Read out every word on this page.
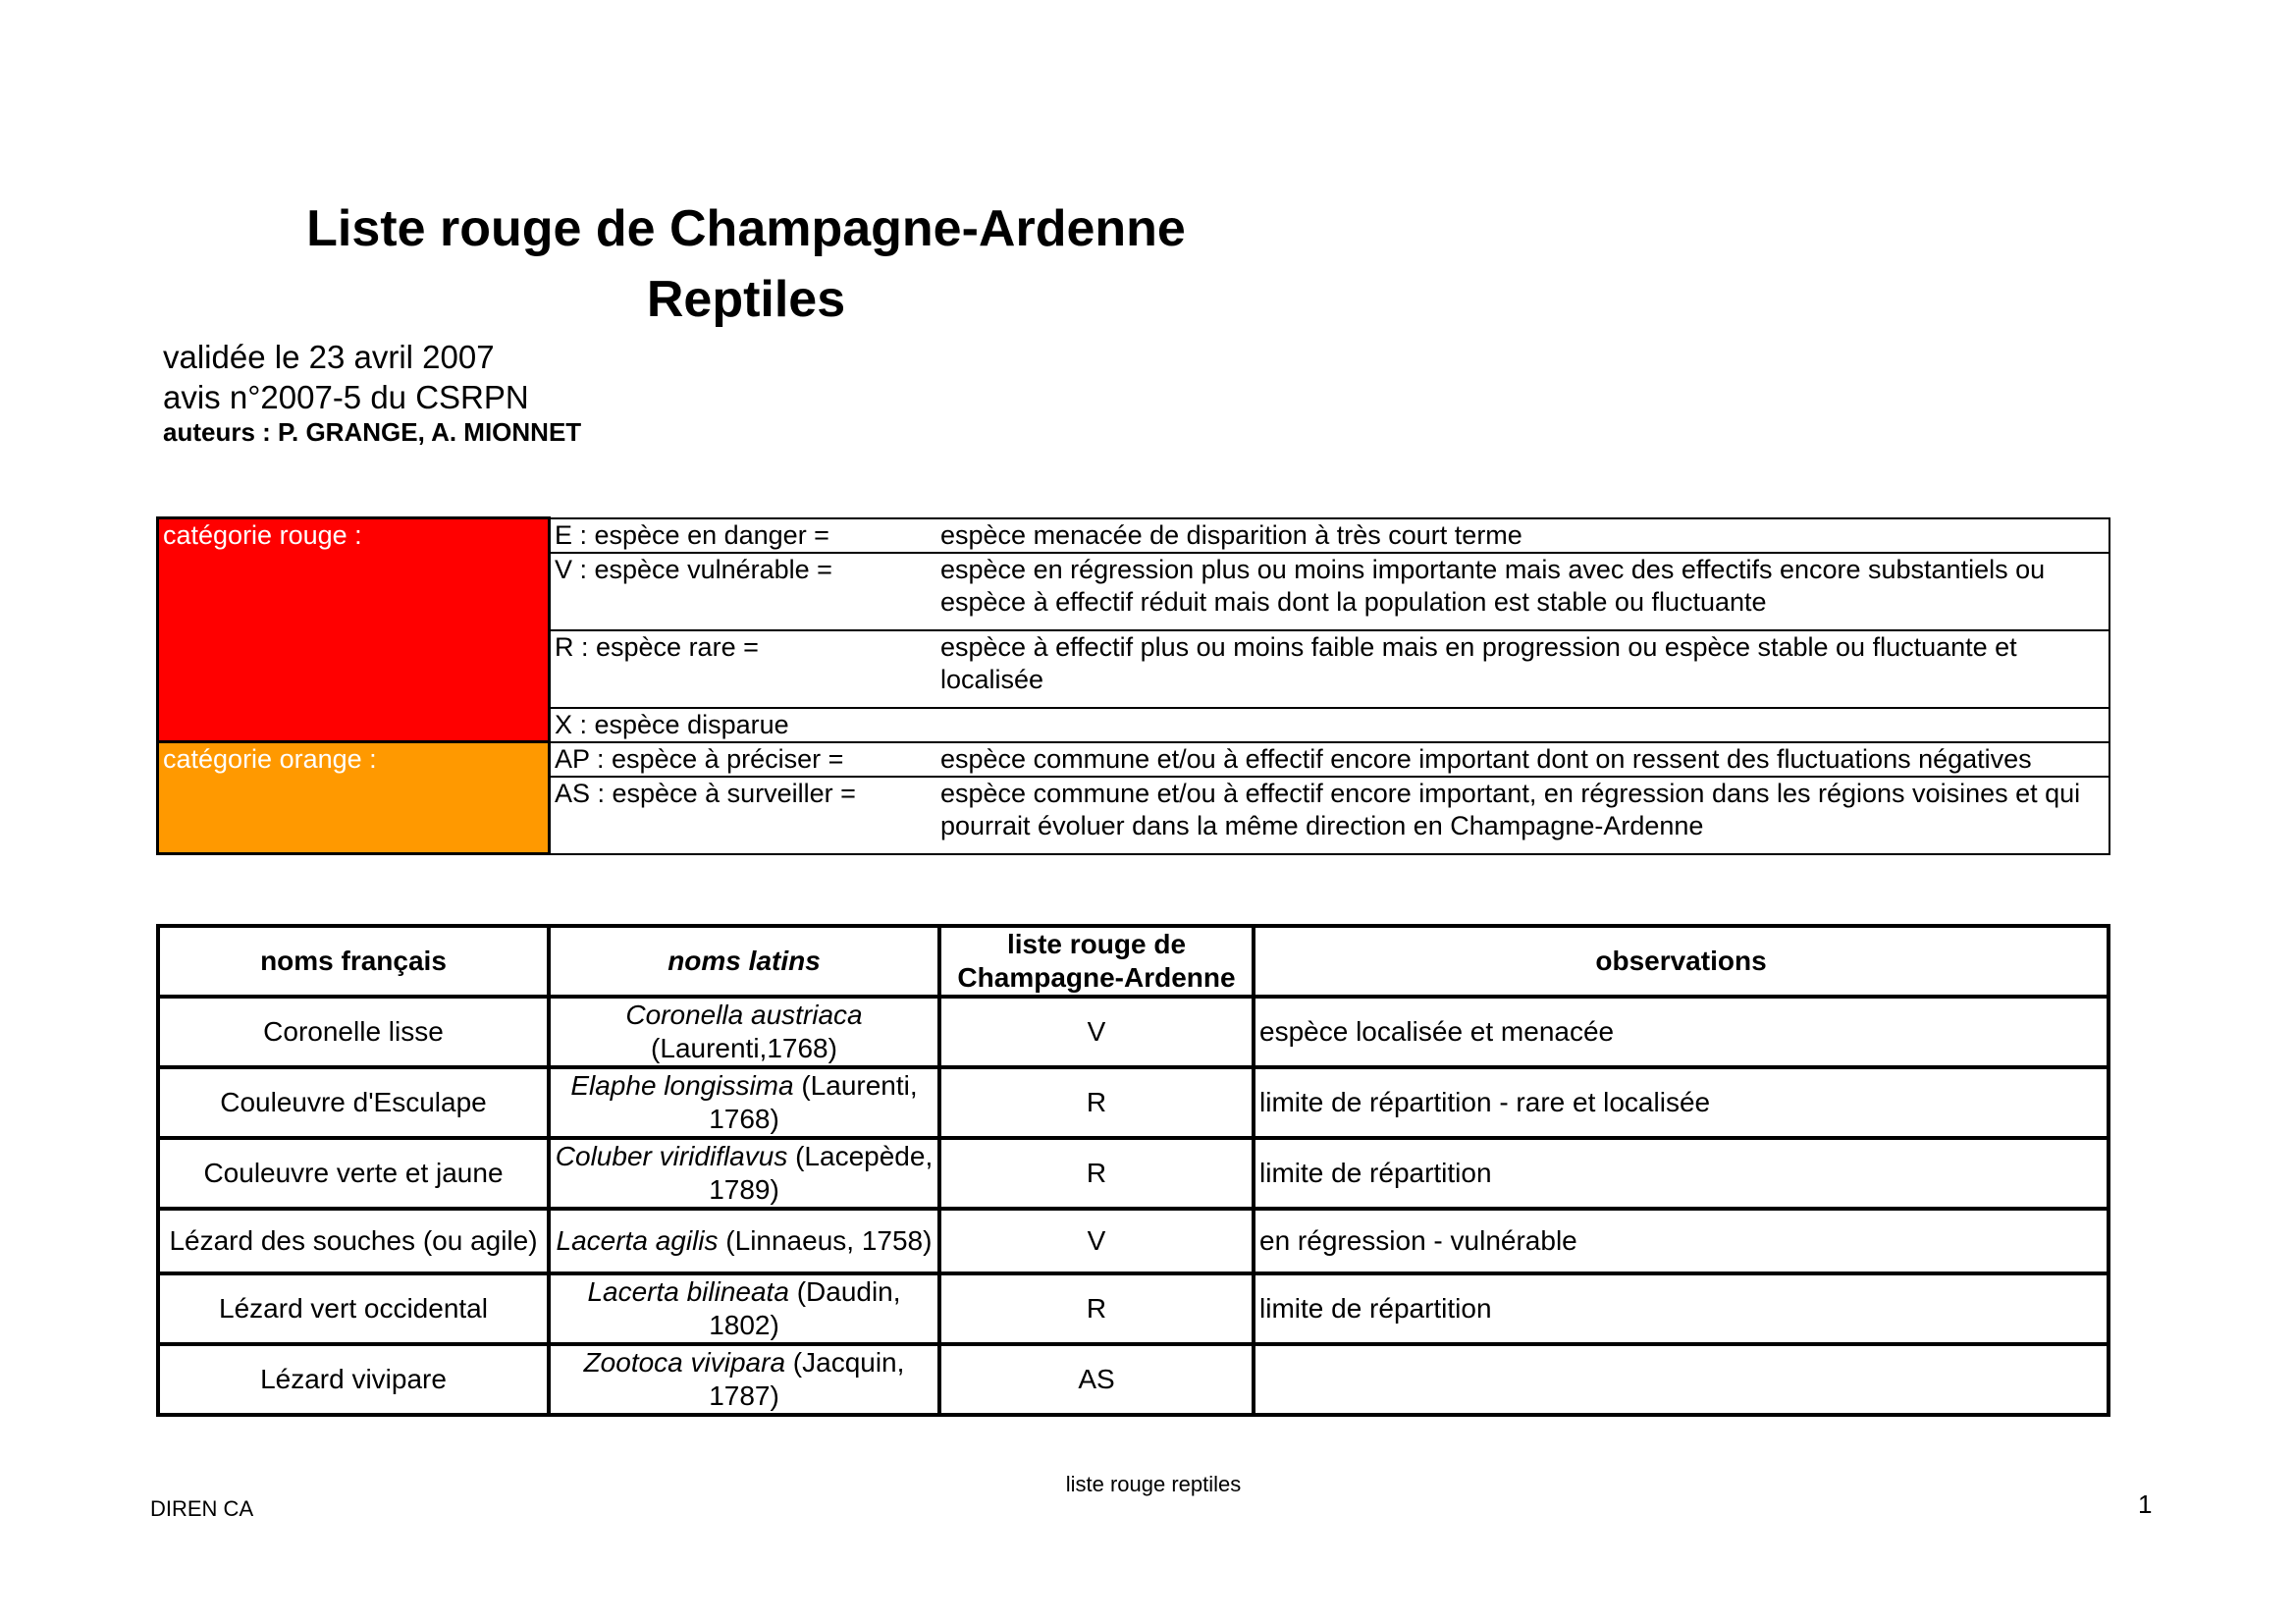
Liste rouge de Champagne-Ardenne
Reptiles
validée le 23 avril 2007
avis n°2007-5 du CSRPN
auteurs : P. GRANGE, A. MIONNET
catégorie rouge :	E : espèce en danger =	espèce menacée de disparition à très court terme
	V : espèce vulnérable =	espèce en régression plus ou moins importante mais avec des effectifs encore substantiels ou espèce à effectif réduit mais dont la population est stable ou fluctuante
	R : espèce rare =	espèce à effectif plus ou moins faible mais en progression ou espèce stable ou fluctuante et localisée
	X : espèce disparue	
catégorie orange :	AP : espèce à préciser =	espèce commune et/ou à effectif encore important dont on ressent des fluctuations négatives
	AS : espèce à surveiller =	espèce commune et/ou à effectif encore important, en régression dans les régions voisines et qui pourrait évoluer dans la même direction en Champagne-Ardenne
noms français	noms latins	liste rouge de Champagne-Ardenne	observations
Coronelle lisse	Coronella austriaca (Laurenti,1768)	V	espèce localisée et menacée
Couleuvre d'Esculape	Elaphe longissima (Laurenti, 1768)	R	limite de répartition - rare et localisée
Couleuvre verte et jaune	Coluber viridiflavus (Lacepède, 1789)	R	limite de répartition
Lézard des souches (ou agile)	Lacerta agilis (Linnaeus, 1758)	V	en régression - vulnérable
Lézard vert occidental	Lacerta bilineata (Daudin, 1802)	R	limite de répartition
Lézard vivipare	Zootoca vivipara (Jacquin, 1787)	AS	
liste rouge reptiles
DIREN CA	1
